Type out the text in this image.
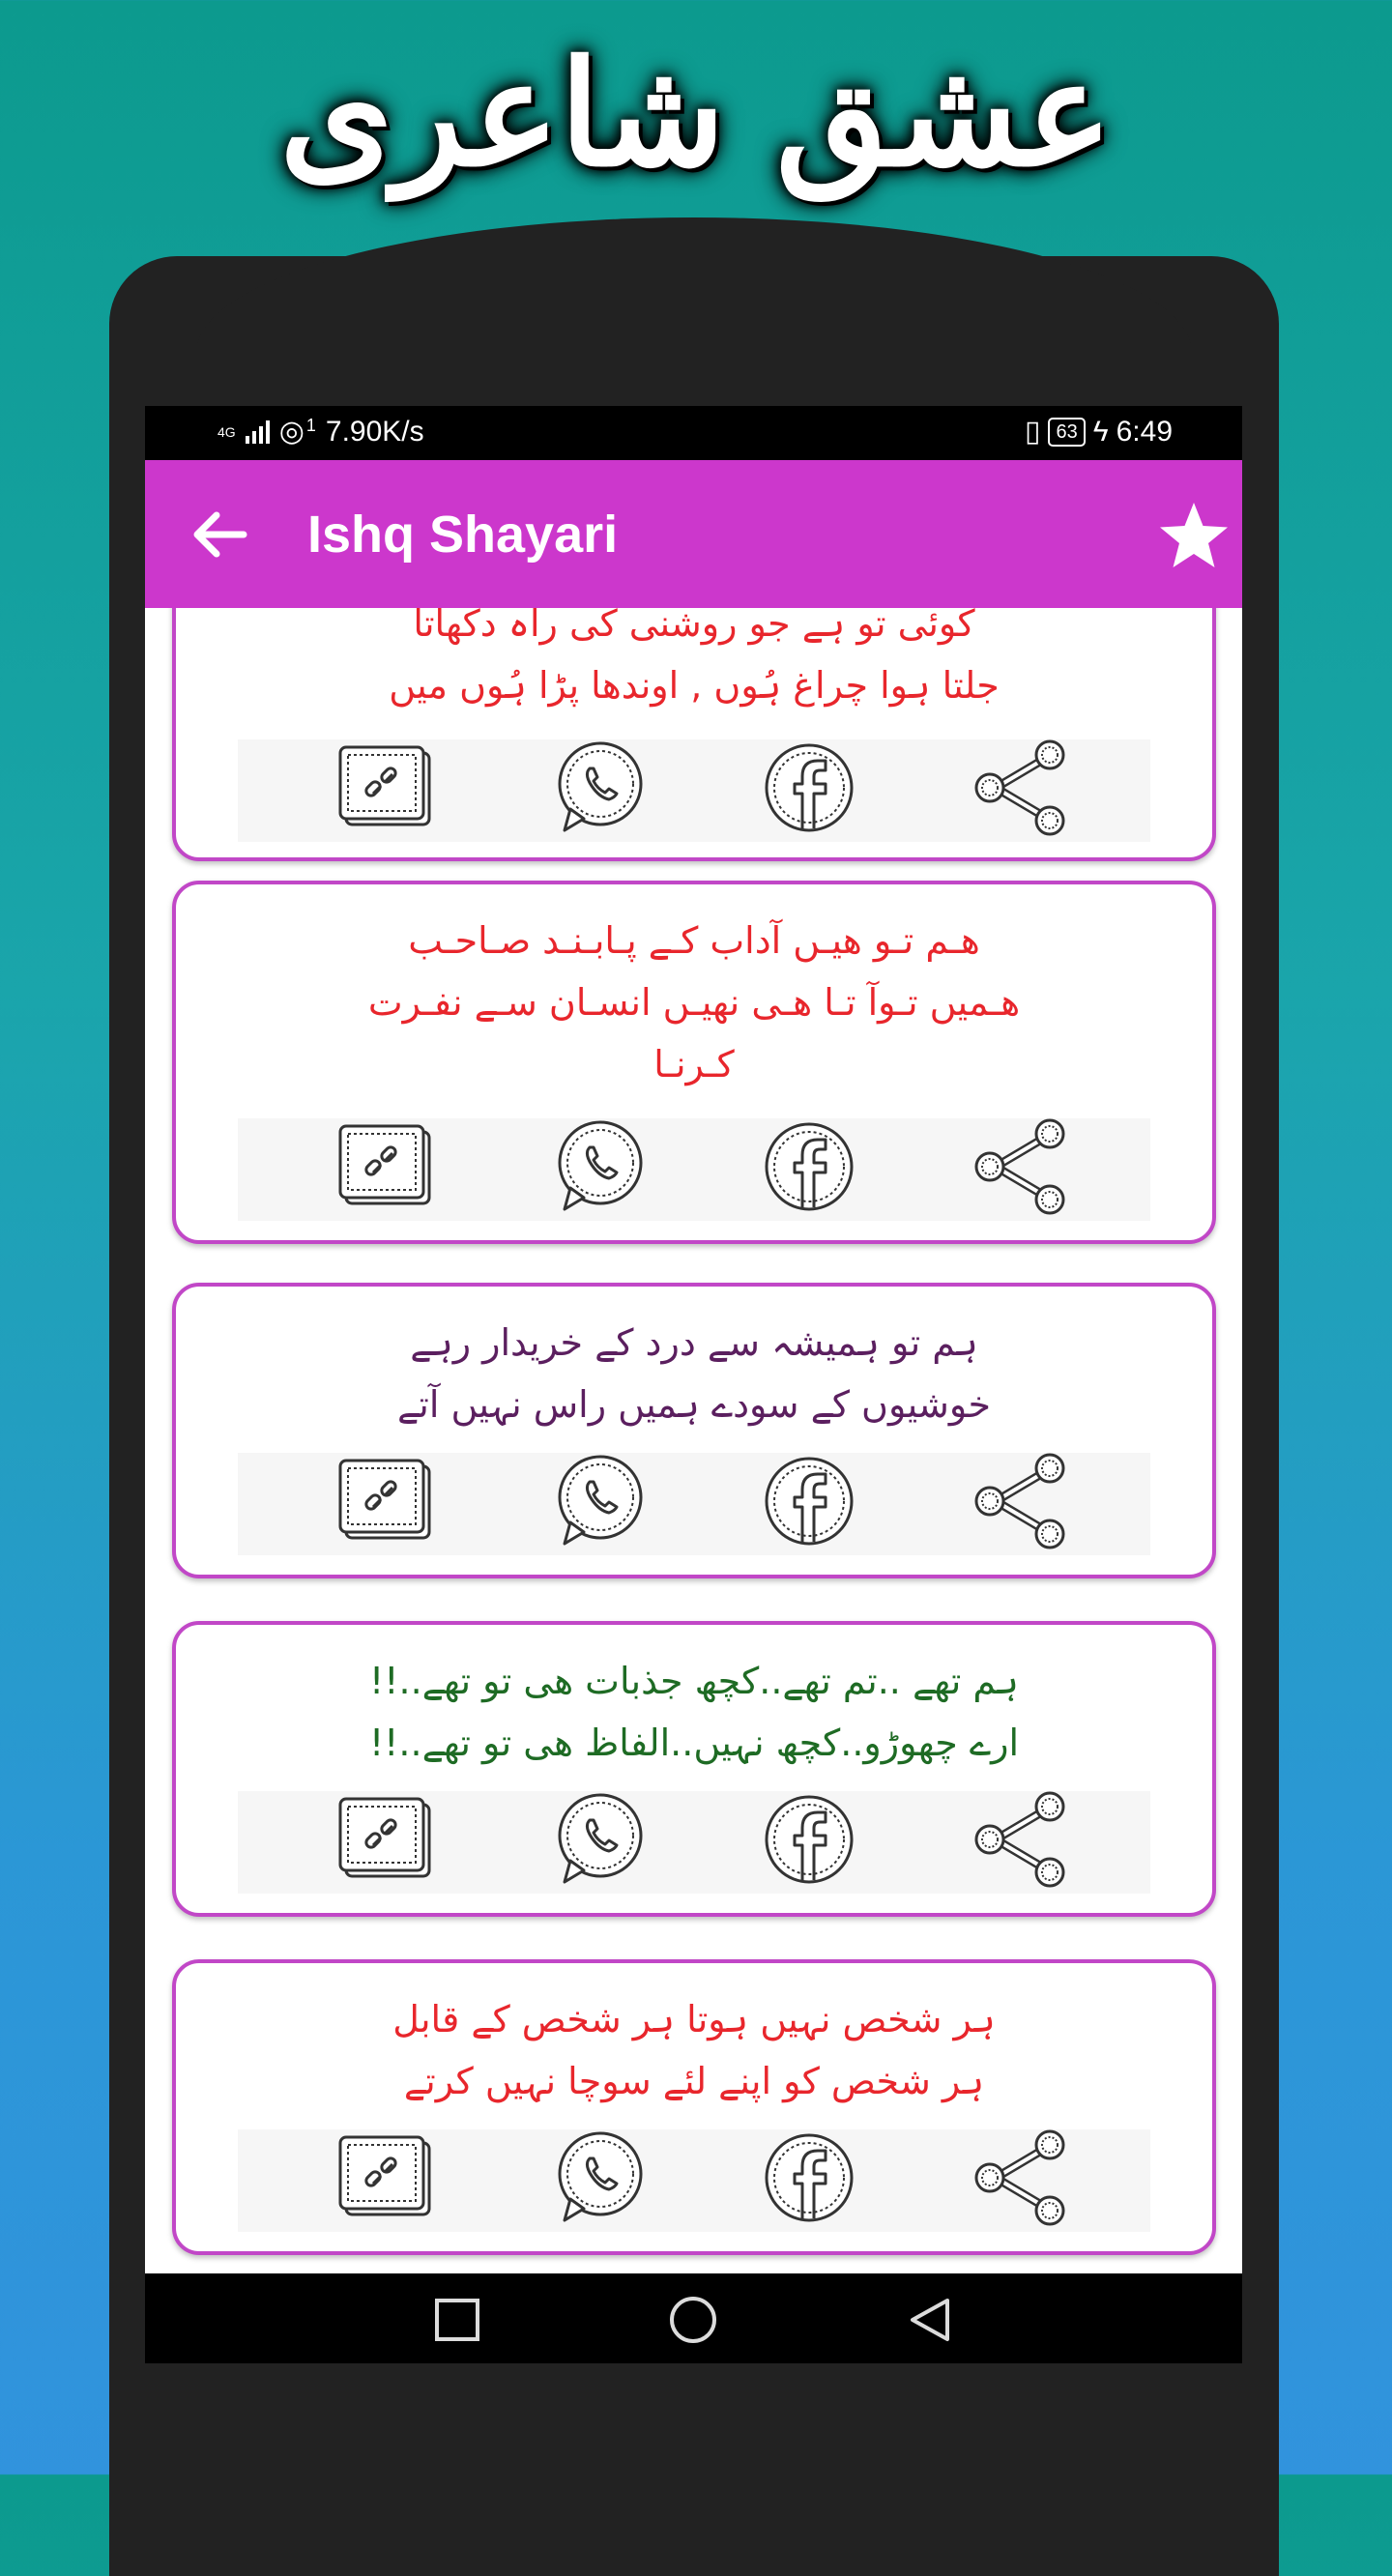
عشق شاعری
4G ◎ 1 7.90K/s	▯ 63 ϟ 6:49
Ishq Shayari
کوئی تو ہے جو روشنی کی راہ دکھاتا
جلتا ہوا چراغ ہُوں , اوندھا پڑا ہُوں میں
ھـم تـو ھیـں آداب کـے پـابـنـد صـاحـب
ھـمیں تـوآ تـا ھـی نھیـں انسـان سـے نفـرت
کـرنـا
ہم تو ہمیشہ سے درد کے خریدار رہے
خوشیوں کے سودے ہمیں راس نہیں آتے
ہم تھے ..تم تھے..کچھ جذبات ھی تو تھے..!!
ارے چھوڑو..کچھ نہیں..الفاظ ھی تو تھے..!!
ہر شخص نہیں ہوتا ہر شخص کے قابل
ہر شخص کو اپنے لئے سوچا نہیں کرتے
